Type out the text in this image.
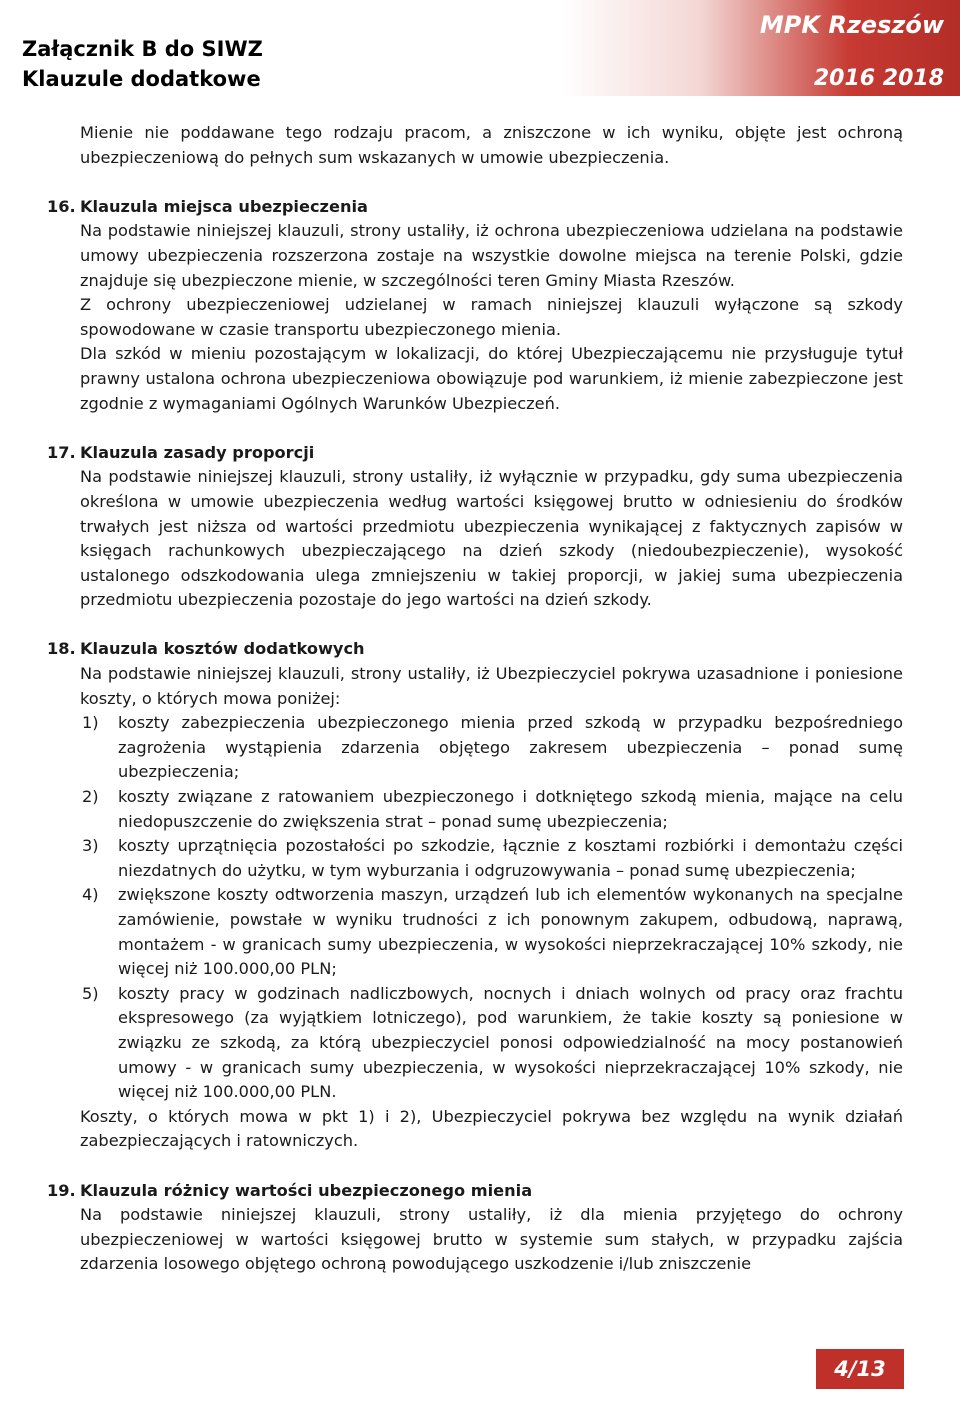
Załącznik B do SIWZ
Klauzule dodatkowe
MPK Rzeszów
2016 2018

Mienie nie poddawane tego rodzaju pracom, a zniszczone w ich wyniku, objęte jest ochroną ubezpieczeniową do pełnych sum wskazanych w umowie ubezpieczenia.

16. Klauzula miejsca ubezpieczenia

Na podstawie niniejszej klauzuli, strony ustaliły, iż ochrona ubezpieczeniowa udzielana na podstawie umowy ubezpieczenia rozszerzona zostaje na wszystkie dowolne miejsca na terenie Polski, gdzie znajduje się ubezpieczone mienie, w szczególności teren Gminy Miasta Rzeszów.

Z ochrony ubezpieczeniowej udzielanej w ramach niniejszej klauzuli wyłączone są szkody spowodowane w czasie transportu ubezpieczonego mienia.

Dla szkód w mieniu pozostającym w lokalizacji, do której Ubezpieczającemu nie przysługuje tytuł prawny ustalona ochrona ubezpieczeniowa obowiązuje pod warunkiem, iż mienie zabezpieczone jest zgodnie z wymaganiami Ogólnych Warunków Ubezpieczeń.

17. Klauzula zasady proporcji

Na podstawie niniejszej klauzuli, strony ustaliły, iż wyłącznie w przypadku, gdy suma ubezpieczenia określona w umowie ubezpieczenia według wartości księgowej brutto w odniesieniu do środków trwałych jest niższa od wartości przedmiotu ubezpieczenia wynikającej z faktycznych zapisów w księgach rachunkowych ubezpieczającego na dzień szkody (niedoubezpieczenie), wysokość ustalonego odszkodowania ulega zmniejszeniu w takiej proporcji, w jakiej suma ubezpieczenia przedmiotu ubezpieczenia pozostaje do jego wartości na dzień szkody.

18. Klauzula kosztów dodatkowych

Na podstawie niniejszej klauzuli, strony ustaliły, iż Ubezpieczyciel pokrywa uzasadnione i poniesione koszty, o których mowa poniżej:

1) koszty zabezpieczenia ubezpieczonego mienia przed szkodą w przypadku bezpośredniego zagrożenia wystąpienia zdarzenia objętego zakresem ubezpieczenia – ponad sumę ubezpieczenia;
2) koszty związane z ratowaniem ubezpieczonego i dotkniętego szkodą mienia, mające na celu niedopuszczenie do zwiększenia strat – ponad sumę ubezpieczenia;
3) koszty uprzątnięcia pozostałości po szkodzie, łącznie z kosztami rozbiórki i demontażu części niezdatnych do użytku, w tym wyburzania i odgruzowywania – ponad sumę ubezpieczenia;
4) zwiększone koszty odtworzenia maszyn, urządzeń lub ich elementów wykonanych na specjalne zamówienie, powstałe w wyniku trudności z ich ponownym zakupem, odbudową, naprawą, montażem - w granicach sumy ubezpieczenia, w wysokości nieprzekraczającej 10% szkody, nie więcej niż 100.000,00 PLN;
5) koszty pracy w godzinach nadliczbowych, nocnych i dniach wolnych od pracy oraz frachtu ekspresowego (za wyjątkiem lotniczego), pod warunkiem, że takie koszty są poniesione w związku ze szkodą, za którą ubezpieczyciel ponosi odpowiedzialność na mocy postanowień umowy - w granicach sumy ubezpieczenia, w wysokości nieprzekraczającej 10% szkody, nie więcej niż 100.000,00 PLN.

Koszty, o których mowa w pkt 1) i 2), Ubezpieczyciel pokrywa bez względu na wynik działań zabezpieczających i ratowniczych.

19. Klauzula różnicy wartości ubezpieczonego mienia

Na podstawie niniejszej klauzuli, strony ustaliły, iż dla mienia przyjętego do ochrony ubezpieczeniowej w wartości księgowej brutto w systemie sum stałych, w przypadku zajścia zdarzenia losowego objętego ochroną powodującego uszkodzenie i/lub zniszczenie

4/13
